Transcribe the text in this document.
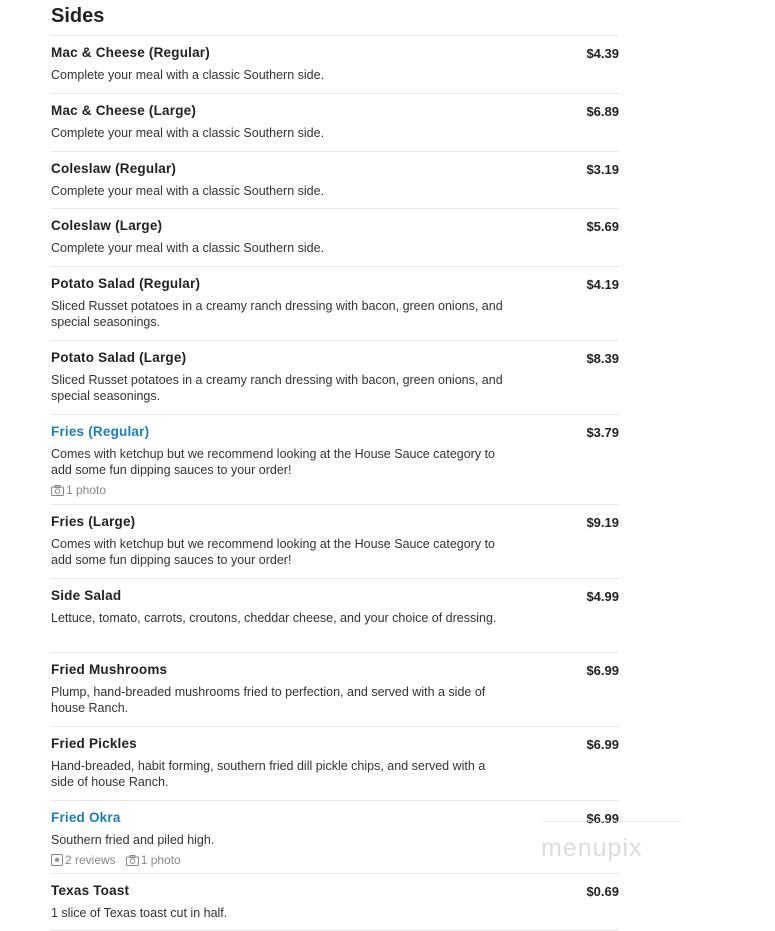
Sides
Mac & Cheese (Regular)	$4.39
Complete your meal with a classic Southern side.
Mac & Cheese (Large)	$6.89
Complete your meal with a classic Southern side.
Coleslaw (Regular)	$3.19
Complete your meal with a classic Southern side.
Coleslaw (Large)	$5.69
Complete your meal with a classic Southern side.
Potato Salad (Regular)	$4.19
Sliced Russet potatoes in a creamy ranch dressing with bacon, green onions, and special seasonings.
Potato Salad (Large)	$8.39
Sliced Russet potatoes in a creamy ranch dressing with bacon, green onions, and special seasonings.
Fries (Regular)	$3.79
Comes with ketchup but we recommend looking at the House Sauce category to add some fun dipping sauces to your order!
1 photo
Fries (Large)	$9.19
Comes with ketchup but we recommend looking at the House Sauce category to add some fun dipping sauces to your order!
Side Salad	$4.99
Lettuce, tomato, carrots, croutons, cheddar cheese, and your choice of dressing.
Fried Mushrooms	$6.99
Plump, hand-breaded mushrooms fried to perfection, and served with a side of house Ranch.
Fried Pickles	$6.99
Hand-breaded, habit forming, southern fried dill pickle chips, and served with a side of house Ranch.
Fried Okra	$6.99
Southern fried and piled high.
2 reviews 1 photo
Texas Toast	$0.69
1 slice of Texas toast cut in half.
menupix
